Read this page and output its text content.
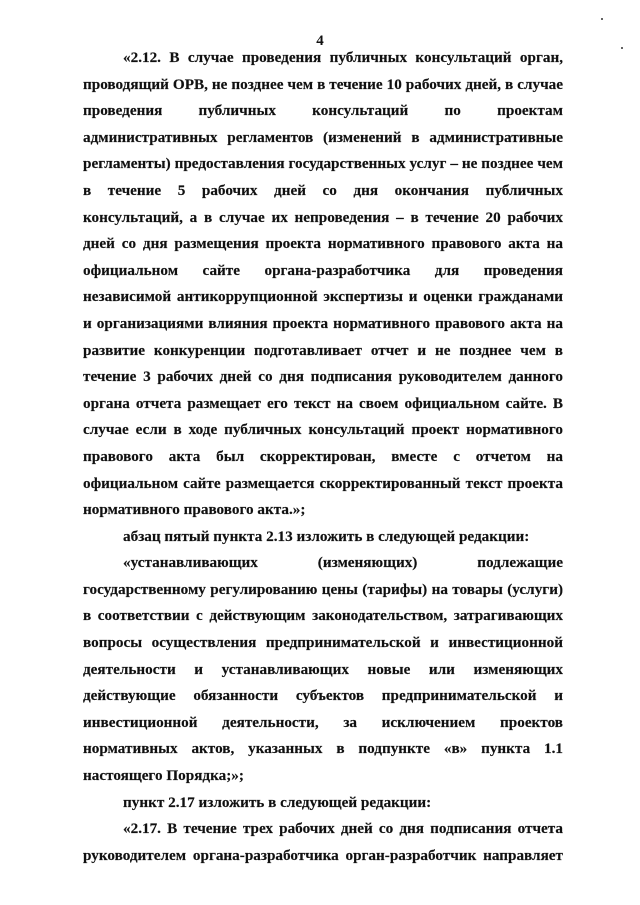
4

«2.12. В случае проведения публичных консультаций орган, проводящий ОРВ, не позднее чем в течение 10 рабочих дней, в случае проведения публичных консультаций по проектам административных регламентов (изменений в административные регламенты) предоставления государственных услуг – не позднее чем в течение 5 рабочих дней со дня окончания публичных консультаций, а в случае их непроведения – в течение 20 рабочих дней со дня размещения проекта нормативного правового акта на официальном сайте органа-разработчика для проведения независимой антикоррупционной экспертизы и оценки гражданами и организациями влияния проекта нормативного правового акта на развитие конкуренции подготавливает отчет и не позднее чем в течение 3 рабочих дней со дня подписания руководителем данного органа отчета размещает его текст на своем официальном сайте. В случае если в ходе публичных консультаций проект нормативного правового акта был скорректирован, вместе с отчетом на официальном сайте размещается скорректированный текст проекта нормативного правового акта.»;

абзац пятый пункта 2.13 изложить в следующей редакции:

«устанавливающих (изменяющих) подлежащие государственному регулированию цены (тарифы) на товары (услуги) в соответствии с действующим законодательством, затрагивающих вопросы осуществления предпринимательской и инвестиционной деятельности и устанавливающих новые или изменяющих действующие обязанности субъектов предпринимательской и инвестиционной деятельности, за исключением проектов нормативных актов, указанных в подпункте «в» пункта 1.1 настоящего Порядка;»;

пункт 2.17 изложить в следующей редакции:

«2.17. В течение трех рабочих дней со дня подписания отчета руководителем органа-разработчика орган-разработчик направляет
